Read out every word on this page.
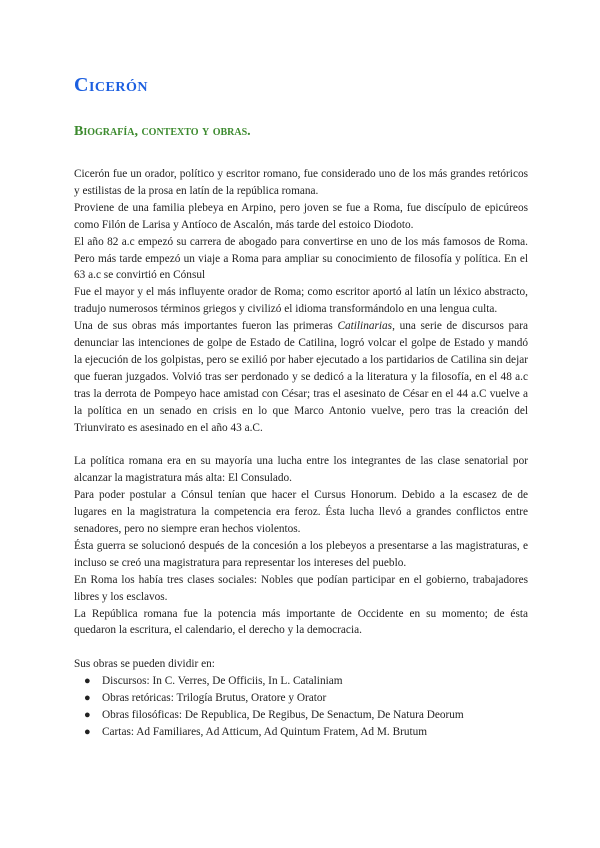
Cicerón
Biografía, contexto y obras.

Cicerón fue un orador, político y escritor romano, fue considerado uno de los más grandes retóricos y estilistas de la prosa en latín de la república romana.

Proviene de una familia plebeya en Arpino, pero joven se fue a Roma, fue discípulo de epicúreos como Filón de Larisa y Antíoco de Ascalón, más tarde del estoico Diodoto.

El año 82 a.c empezó su carrera de abogado para convertirse en uno de los más famosos de Roma. Pero más tarde empezó un viaje a Roma para ampliar su conocimiento de filosofía y política. En el 63 a.c se convirtió en Cónsul

Fue el mayor y el más influyente orador de Roma; como escritor aportó al latín un léxico abstracto, tradujo numerosos términos griegos y civilizó el idioma transformándolo en una lengua culta.

Una de sus obras más importantes fueron las primeras Catilinarias, una serie de discursos para denunciar las intenciones de golpe de Estado de Catilina, logró volcar el golpe de Estado y mandó la ejecución de los golpistas, pero se exilió por haber ejecutado a los partidarios de Catilina sin dejar que fueran juzgados. Volvió tras ser perdonado y se dedicó a la literatura y la filosofía, en el 48 a.c tras la derrota de Pompeyo hace amistad con César; tras el asesinato de César en el 44 a.C vuelve a la política en un senado en crisis en lo que Marco Antonio vuelve, pero tras la creación del Triunvirato es asesinado en el año 43 a.C.

La política romana era en su mayoría una lucha entre los integrantes de las clase senatorial por alcanzar la magistratura más alta: El Consulado.

Para poder postular a Cónsul tenían que hacer el Cursus Honorum. Debido a la escasez de de lugares en la magistratura la competencia era feroz. Ésta lucha llevó a grandes conflictos entre senadores, pero no siempre eran hechos violentos.

Ésta guerra se solucionó después de la concesión a los plebeyos a presentarse a las magistraturas, e incluso se creó una magistratura para representar los intereses del pueblo.

En Roma los había tres clases sociales: Nobles que podían participar en el gobierno, trabajadores libres y los esclavos.

La República romana fue la potencia más importante de Occidente en su momento; de ésta quedaron la escritura, el calendario, el derecho y la democracia.

Sus obras se pueden dividir en:

● Discursos: In C. Verres, De Officiis, In L. Cataliniam
● Obras retóricas: Trilogía Brutus, Oratore y Orator
● Obras filosóficas: De Republica, De Regibus, De Senactum, De Natura Deorum
● Cartas: Ad Familiares, Ad Atticum, Ad Quintum Fratem, Ad M. Brutum
